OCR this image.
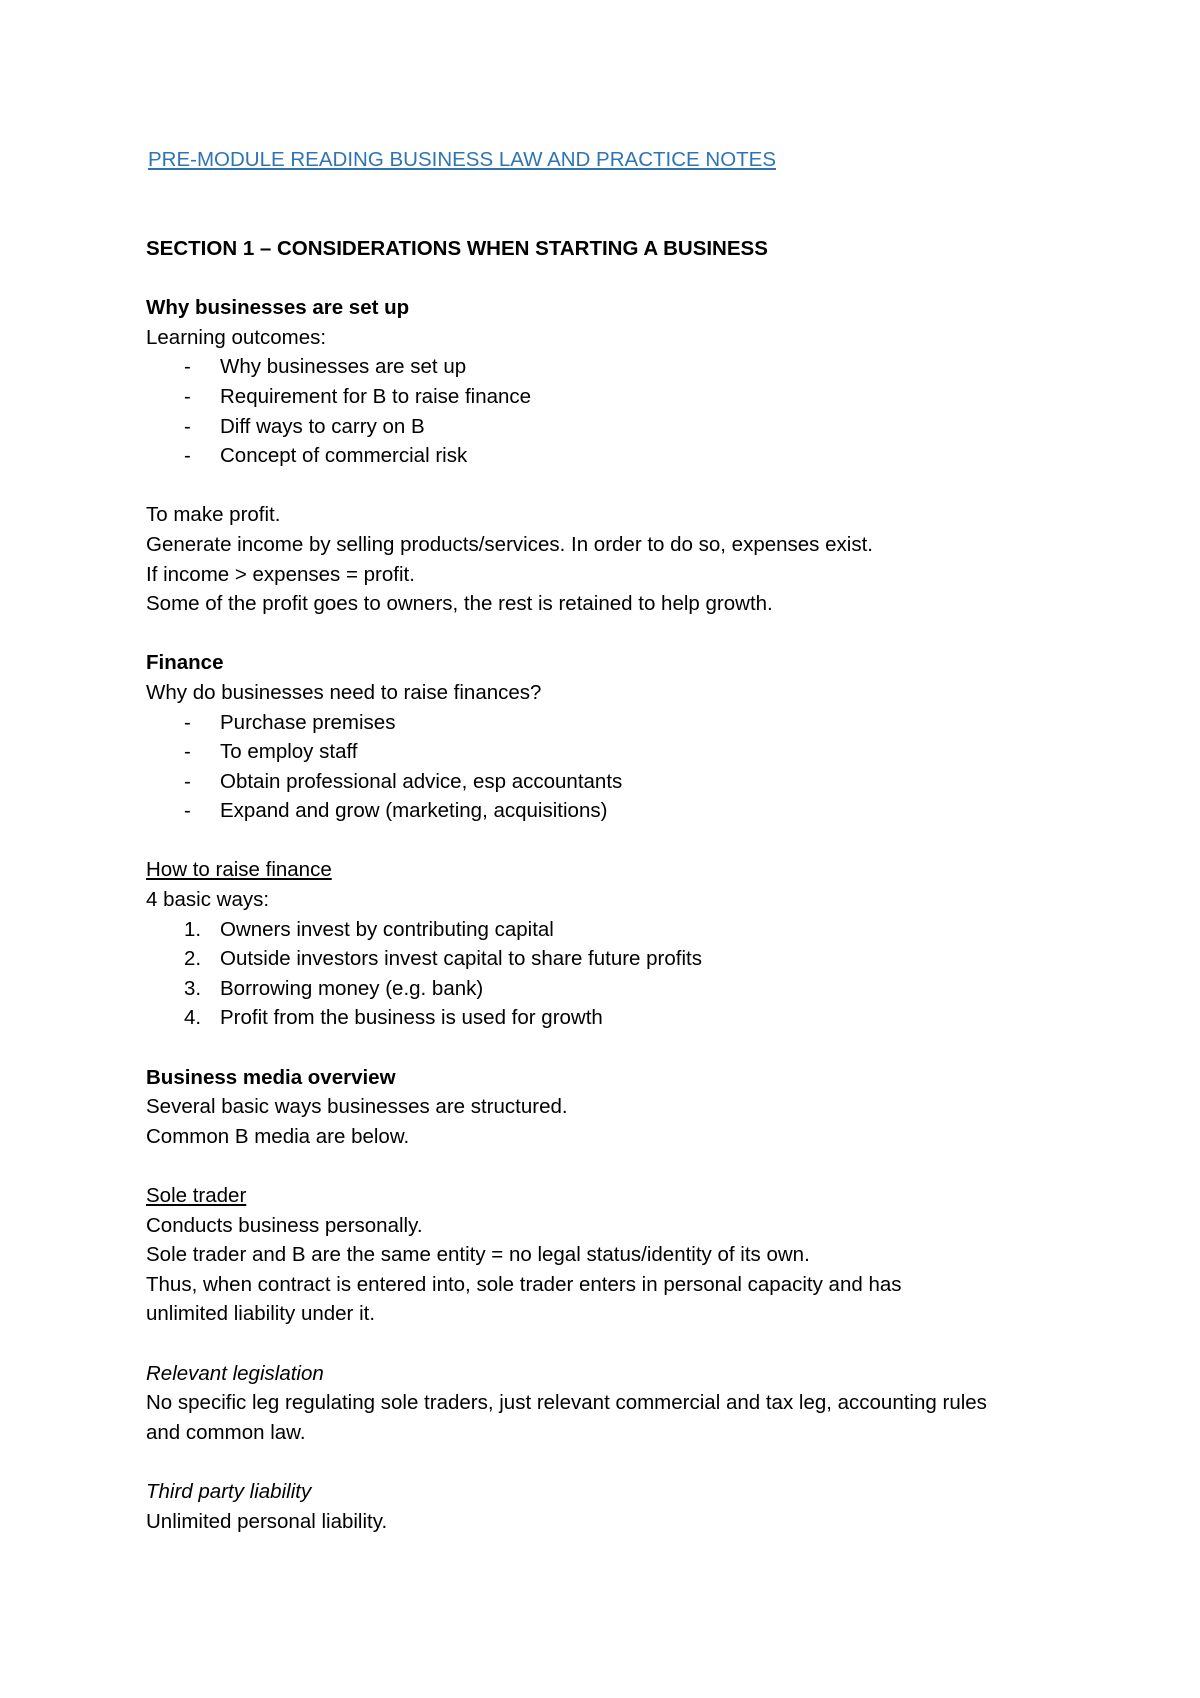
PRE-MODULE READING BUSINESS LAW AND PRACTICE NOTES
SECTION 1 – CONSIDERATIONS WHEN STARTING A BUSINESS
Why businesses are set up
Learning outcomes:
- Why businesses are set up
- Requirement for B to raise finance
- Diff ways to carry on B
- Concept of commercial risk
To make profit.
Generate income by selling products/services. In order to do so, expenses exist.
If income > expenses = profit.
Some of the profit goes to owners, the rest is retained to help growth.
Finance
Why do businesses need to raise finances?
- Purchase premises
- To employ staff
- Obtain professional advice, esp accountants
- Expand and grow (marketing, acquisitions)
How to raise finance
4 basic ways:
1. Owners invest by contributing capital
2. Outside investors invest capital to share future profits
3. Borrowing money (e.g. bank)
4. Profit from the business is used for growth
Business media overview
Several basic ways businesses are structured.
Common B media are below.
Sole trader
Conducts business personally.
Sole trader and B are the same entity = no legal status/identity of its own.
Thus, when contract is entered into, sole trader enters in personal capacity and has
unlimited liability under it.
Relevant legislation
No specific leg regulating sole traders, just relevant commercial and tax leg, accounting rules
and common law.
Third party liability
Unlimited personal liability.
